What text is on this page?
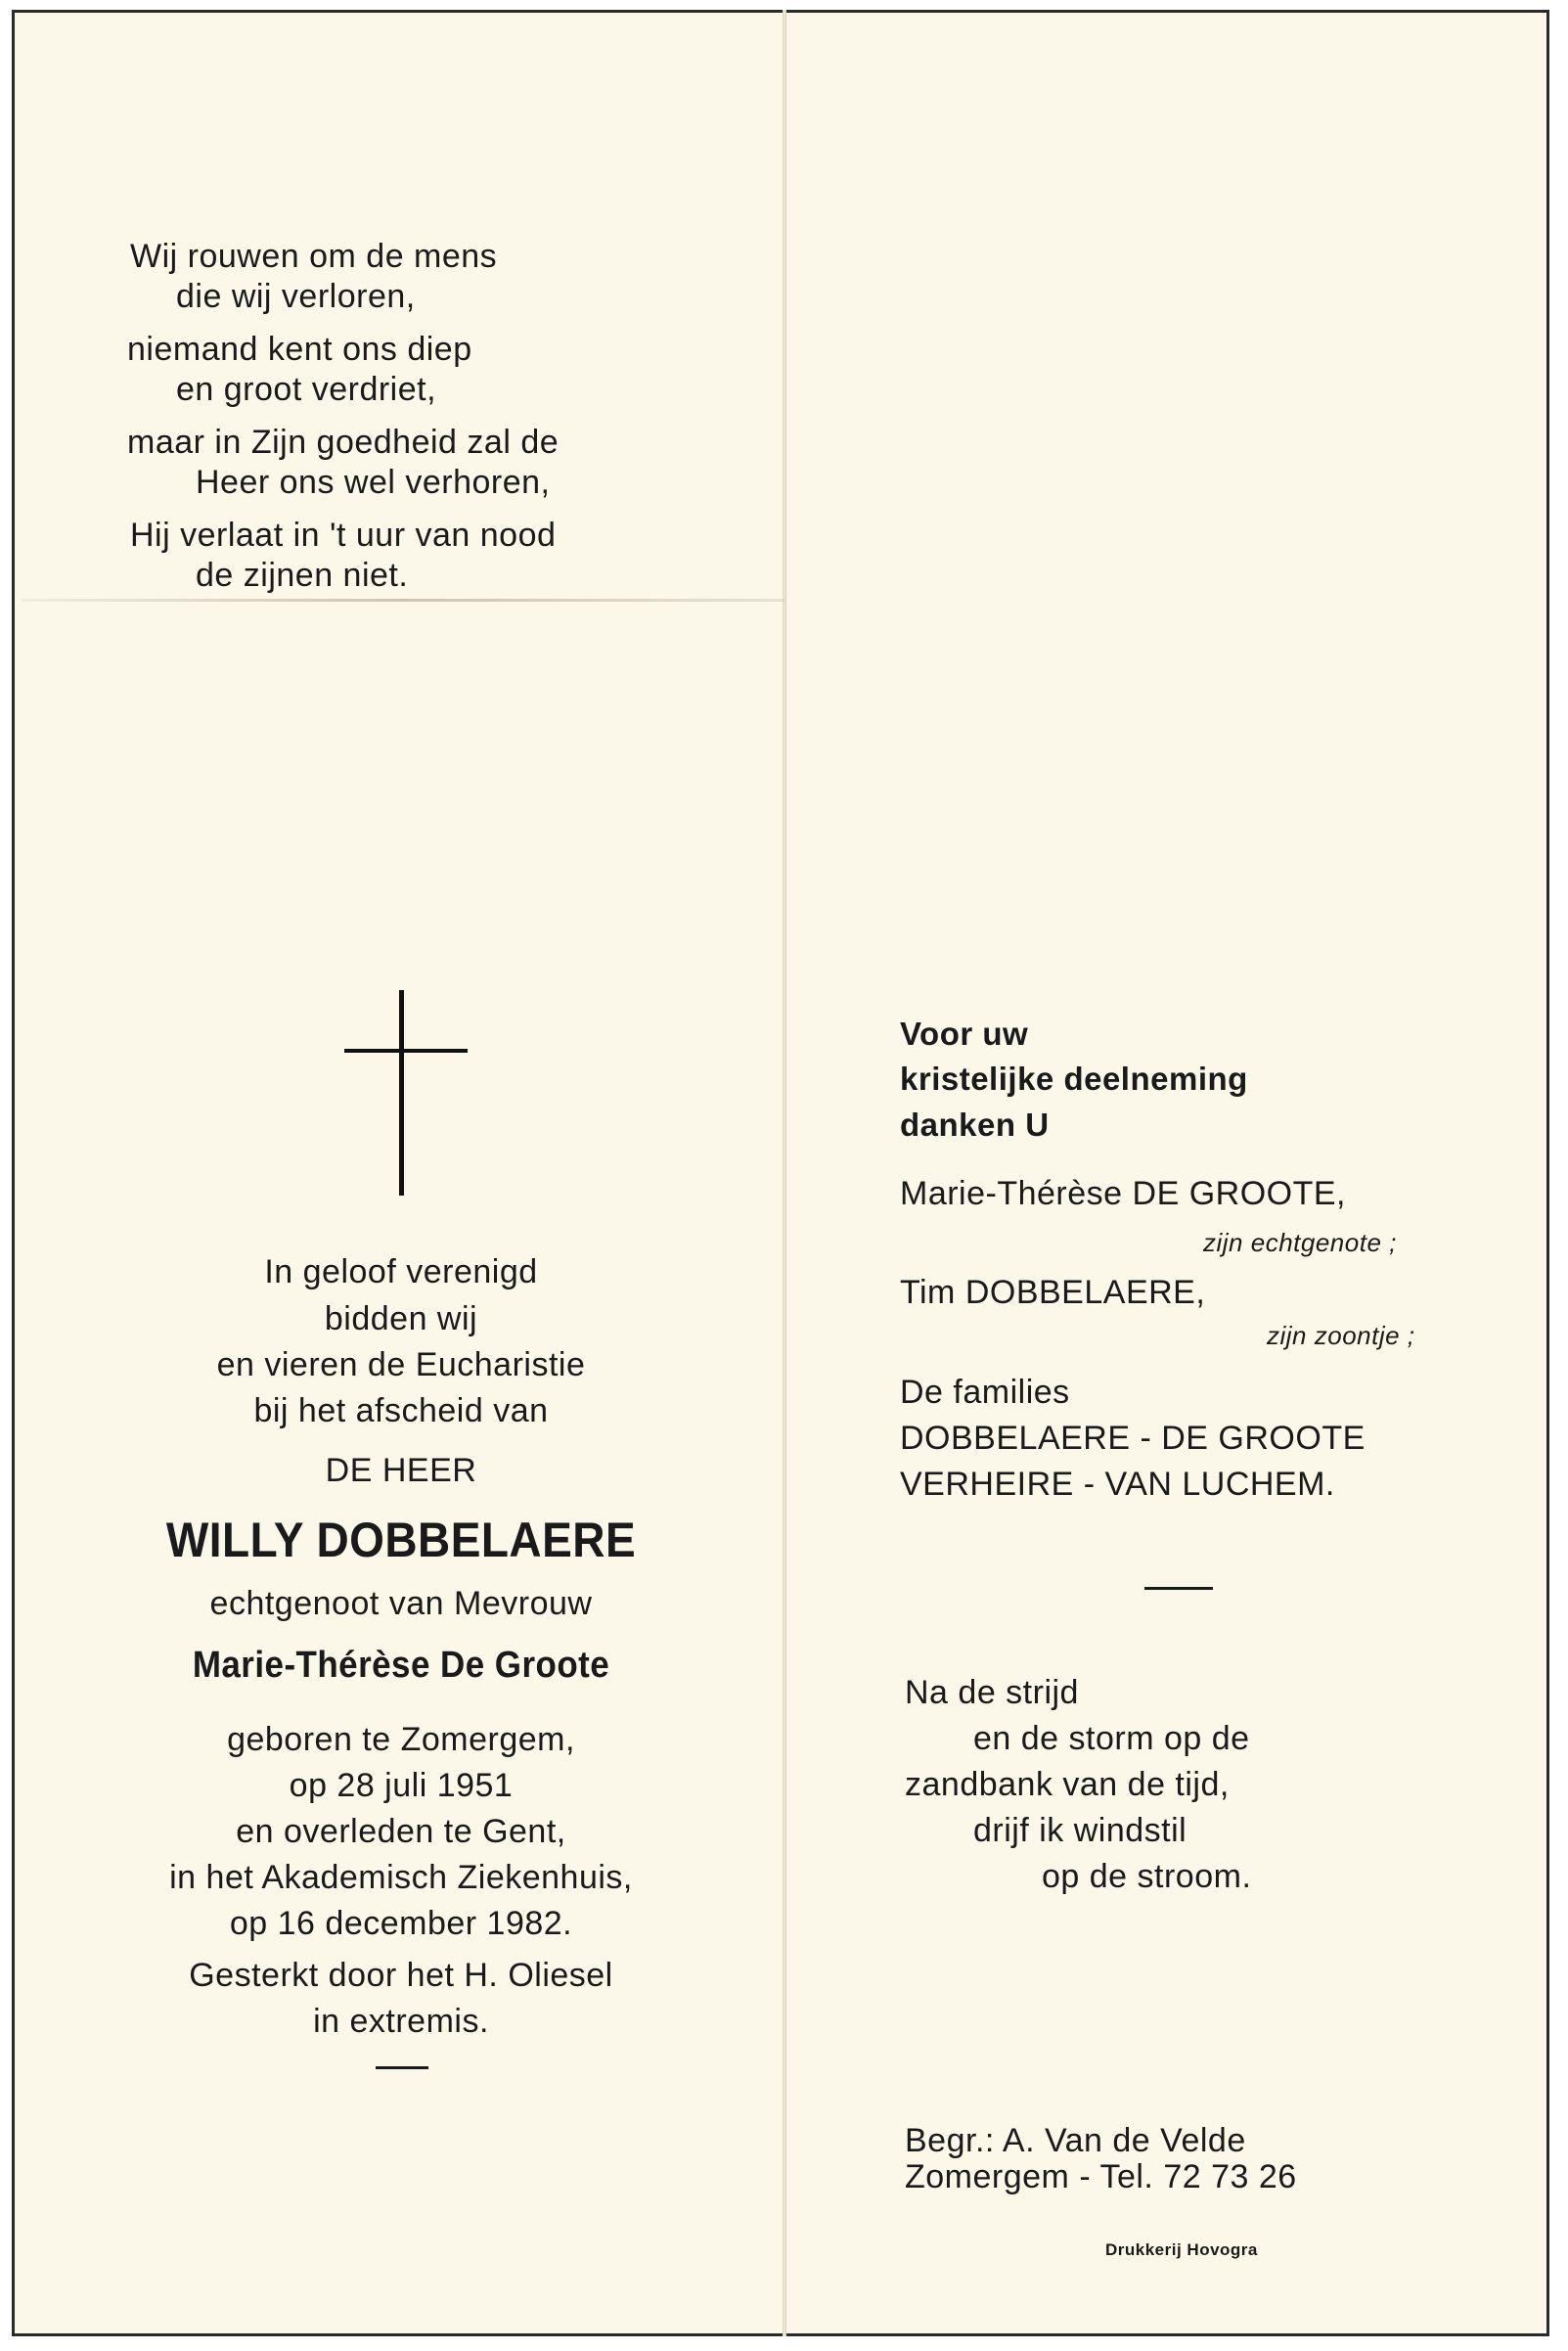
Wij rouwen om de mens
die wij verloren,
niemand kent ons diep
en groot verdriet,
maar in Zijn goedheid zal de
Heer ons wel verhoren,
Hij verlaat in 't uur van nood
de zijnen niet.
In geloof verenigd
bidden wij
en vieren de Eucharistie
bij het afscheid van
DE HEER
WILLY DOBBELAERE
echtgenoot van Mevrouw
Marie-Thérèse De Groote
geboren te Zomergem,
op 28 juli 1951
en overleden te Gent,
in het Akademisch Ziekenhuis,
op 16 december 1982.
Gesterkt door het H. Oliesel
in extremis.
Voor uw
kristelijke deelneming
danken U
Marie-Thérèse DE GROOTE,
zijn echtgenote ;
Tim DOBBELAERE,
zijn zoontje ;
De families
DOBBELAERE - DE GROOTE
VERHEIRE - VAN LUCHEM.
Na de strijd
en de storm op de
zandbank van de tijd,
drijf ik windstil
op de stroom.
Begr.: A. Van de Velde
Zomergem - Tel. 72 73 26
Drukkerij Hovogra
